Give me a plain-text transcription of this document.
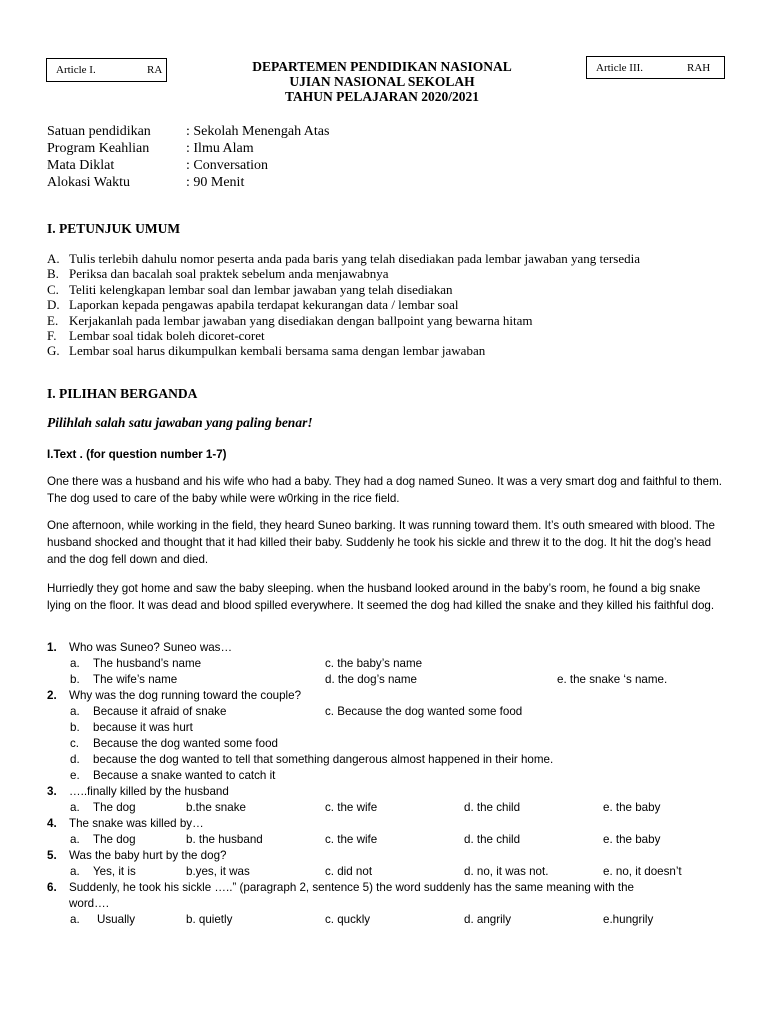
Article I.	RA	Article III.	RAH
DEPARTEMEN PENDIDIKAN NASIONAL
UJIAN NASIONAL SEKOLAH
TAHUN PELAJARAN 2020/2021
Satuan pendidikan	: Sekolah Menengah Atas
Program Keahlian	: Ilmu Alam
Mata Diklat	: Conversation
Alokasi Waktu	: 90 Menit
I. PETUNJUK UMUM
A. Tulis terlebih dahulu nomor peserta anda pada baris yang telah disediakan pada lembar jawaban yang tersedia
B. Periksa dan bacalah soal praktek sebelum anda menjawabnya
C. Teliti kelengkapan lembar soal dan lembar jawaban yang telah disediakan
D. Laporkan kepada pengawas apabila terdapat kekurangan data / lembar soal
E. Kerjakanlah pada lembar jawaban yang disediakan dengan ballpoint yang bewarna hitam
F. Lembar soal tidak boleh dicoret-coret
G. Lembar soal harus dikumpulkan kembali bersama sama dengan lembar jawaban
I. PILIHAN BERGANDA
Pilihlah salah satu jawaban yang paling benar!
I.Text . (for question number 1-7)
One there was a husband and his wife who had a baby. They had a dog named Suneo. It was a very smart dog and faithful to them. The dog used to care of the baby while were w0rking in the rice field.
One afternoon, while working in the field, they heard Suneo barking. It was running toward them. It’s outh smeared with blood. The husband shocked and thought that it had killed their baby. Suddenly he took his sickle and threw it to the dog. It hit the dog’s head and the dog fell down and died.
Hurriedly they got home and saw the baby sleeping. when the husband looked around in the baby’s room, he found a big snake lying on the floor. It was dead and blood spilled everywhere. It seemed the dog had killed the snake and they killed his faithful dog.
1. Who was Suneo? Suneo was…
a. The husband’s name	c. the baby’s name
b. The wife’s name	d. the dog’s name	e. the snake ‘s name.
2. Why was the dog running toward the couple?
a. Because it afraid of snake	c. Because the dog wanted some food
b. because it was hurt
c. Because the dog wanted some food
d. because the dog wanted to tell that something dangerous almost happened in their home.
e. Because a snake wanted to catch it
3. …..finally killed by the husband
a. The dog	b.the snake	c. the wife	d. the child	e. the baby
4. The snake was killed by…
a. The dog	b. the husband	c. the wife	d. the child	e. the baby
5. Was the baby hurt by the dog?
a. Yes, it is	b.yes, it was	c. did not	d. no, it was not.	e. no, it doesn’t
6. Suddenly, he took his sickle …..” (paragraph 2, sentence 5) the word suddenly has the same meaning with the
word….
a. Usually	b. quietly	c. quсkly	d. angrily	e.hungrily
